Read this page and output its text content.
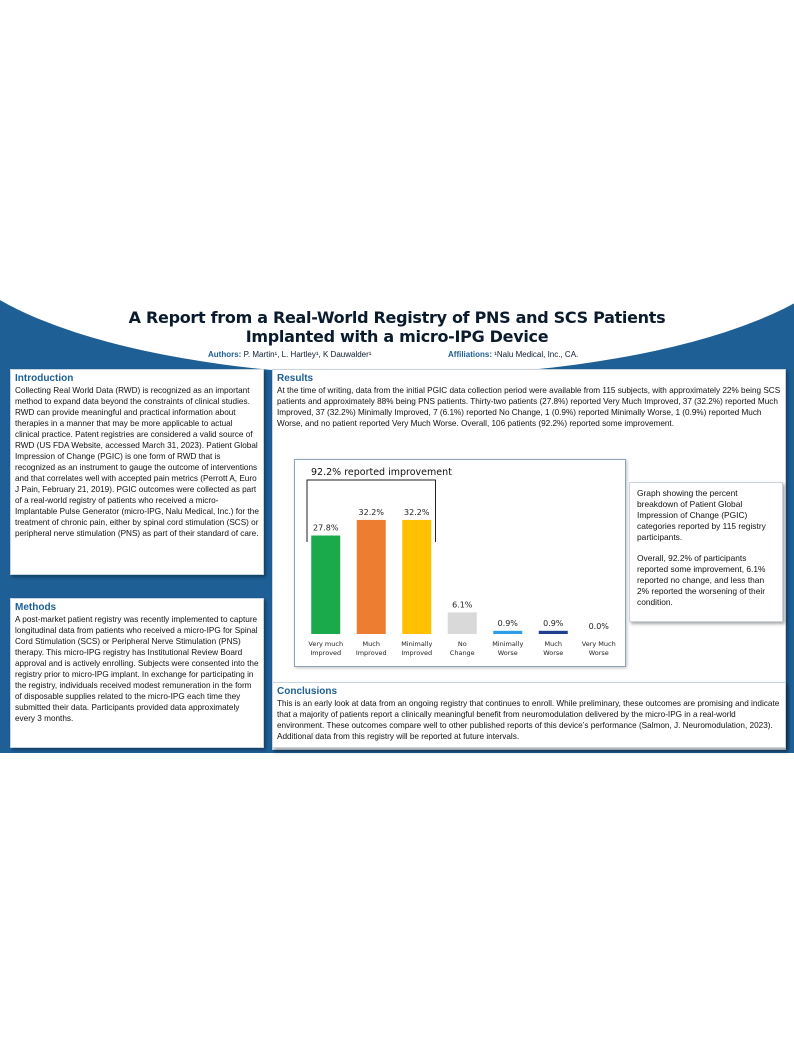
A Report from a Real-World Registry of PNS and SCS Patients
Implanted with a micro-IPG Device
Authors: P. Martin¹, L. Hartley¹, K Dauwalder¹	Affiliations: ¹Nalu Medical, Inc., CA.
Introduction

Collecting Real World Data (RWD) is recognized as an important method to expand data beyond the constraints of clinical studies. RWD can provide meaningful and practical information about therapies in a manner that may be more applicable to actual clinical practice. Patent registries are considered a valid source of RWD (US FDA Website, accessed March 31, 2023). Patient Global Impression of Change (PGIC) is one form of RWD that is recognized as an instrument to gauge the outcome of interventions and that correlates well with accepted pain metrics (Perrott A, Euro J Pain, February 21, 2019). PGIC outcomes were collected as part of a real-world registry of patients who received a micro-Implantable Pulse Generator (micro-IPG, Nalu Medical, Inc.) for the treatment of chronic pain, either by spinal cord stimulation (SCS) or peripheral nerve stimulation (PNS) as part of their standard of care.

Methods

A post-market patient registry was recently implemented to capture longitudinal data from patients who received a micro-IPG for Spinal Cord Stimulation (SCS) or Peripheral Nerve Stimulation (PNS) therapy. This micro-IPG registry has Institutional Review Board approval and is actively enrolling. Subjects were consented into the registry prior to micro-IPG implant. In exchange for participating in the registry, individuals received modest remuneration in the form of disposable supplies related to the micro-IPG each time they submitted their data. Participants provided data approximately every 3 months.

Results

At the time of writing, data from the initial PGIC data collection period were available from 115 subjects, with approximately 22% being SCS patients and approximately 88% being PNS patients. Thirty-two patients (27.8%) reported Very Much Improved, 37 (32.2%) reported Much Improved, 37 (32.2%) Minimally Improved, 7 (6.1%) reported No Change, 1 (0.9%) reported Minimally Worse, 1 (0.9%) reported Much Worse, and no patient reported Very Much Worse. Overall, 106 patients (92.2%) reported some improvement.

27.8%
Very much
Improved
32.2%
Much
Improved
32.2%
Minimally
Improved
6.1%
No
Change
0.9%
Minimally
Worse
0.9%
Much
Worse
0.0%
Very Much
Worse
92.2% reported improvement

Graph showing the percent breakdown of Patient Global Impression of Change (PGIC) categories reported by 115 registry participants.

Overall, 92.2% of participants reported some improvement, 6.1% reported no change, and less than 2% reported the worsening of their condition.

Conclusions

This is an early look at data from an ongoing registry that continues to enroll. While preliminary, these outcomes are promising and indicate that a majority of patients report a clinically meaningful benefit from neuromodulation delivered by the micro-IPG in a real-world environment. These outcomes compare well to other published reports of this device’s performance (Salmon, J. Neuromodulation, 2023). Additional data from this registry will be reported at future intervals.
